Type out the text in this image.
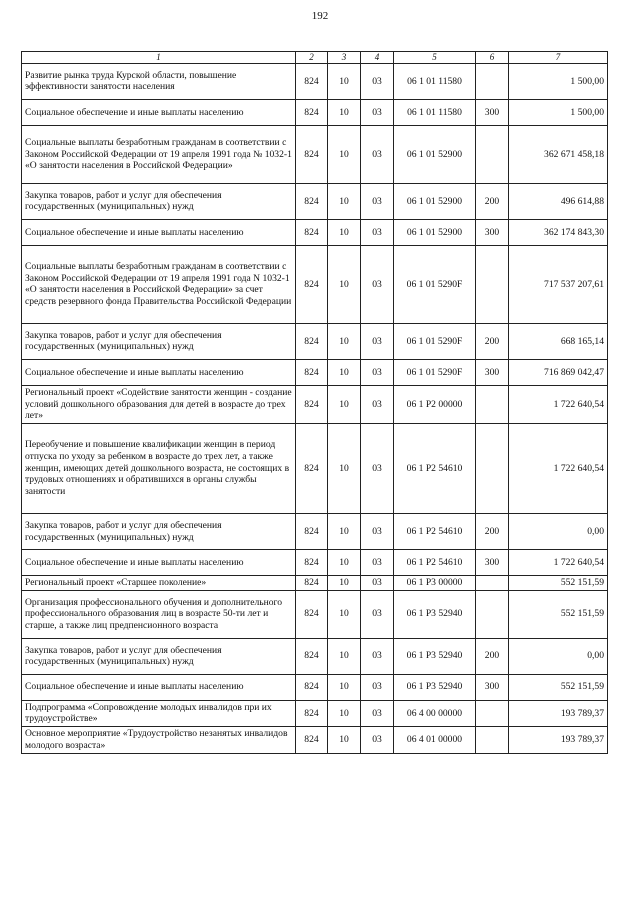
192
1	2	3	4	5	6	7
Развитие рынка труда Курской области, повышение эффективности занятости населения	824	10	03	06 1 01 11580		1 500,00
Социальное обеспечение и иные выплаты населению	824	10	03	06 1 01 11580	300	1 500,00
Социальные выплаты безработным гражданам в соответствии с Законом Российской Федерации от 19 апреля 1991 года № 1032-1 «О занятости населения в Российской Федерации»	824	10	03	06 1 01 52900		362 671 458,18
Закупка товаров, работ и услуг для обеспечения государственных (муниципальных) нужд	824	10	03	06 1 01 52900	200	496 614,88
Социальное обеспечение и иные выплаты населению	824	10	03	06 1 01 52900	300	362 174 843,30
Социальные выплаты безработным гражданам в соответствии с Законом Российской Федерации от 19 апреля 1991 года N 1032-1 «О занятости населения в Российской Федерации» за счет средств резервного фонда Правительства Российской Федерации	824	10	03	06 1 01 5290F		717 537 207,61
Закупка товаров, работ и услуг для обеспечения государственных (муниципальных) нужд	824	10	03	06 1 01 5290F	200	668 165,14
Социальное обеспечение и иные выплаты населению	824	10	03	06 1 01 5290F	300	716 869 042,47
Региональный проект «Содействие занятости женщин - создание условий дошкольного образования для детей в возрасте до трех лет»	824	10	03	06 1 P2 00000		1 722 640,54
Переобучение и повышение квалификации женщин в период отпуска по уходу за ребенком в возрасте до трех лет, а также женщин, имеющих детей дошкольного возраста, не состоящих в трудовых отношениях и обратившихся в органы службы занятости	824	10	03	06 1 P2 54610		1 722 640,54
Закупка товаров, работ и услуг для обеспечения государственных (муниципальных) нужд	824	10	03	06 1 P2 54610	200	0,00
Социальное обеспечение и иные выплаты населению	824	10	03	06 1 P2 54610	300	1 722 640,54
Региональный проект «Старшее поколение»	824	10	03	06 1 P3 00000		552 151,59
Организация профессионального обучения и дополнительного профессионального образования лиц в возрасте 50-ти лет и старше, а также лиц предпенсионного возраста	824	10	03	06 1 P3 52940		552 151,59
Закупка товаров, работ и услуг для обеспечения государственных (муниципальных) нужд	824	10	03	06 1 P3 52940	200	0,00
Социальное обеспечение и иные выплаты населению	824	10	03	06 1 P3 52940	300	552 151,59
Подпрограмма «Сопровождение молодых инвалидов при их трудоустройстве»	824	10	03	06 4 00 00000		193 789,37
Основное мероприятие «Трудоустройство незанятых инвалидов молодого возраста»	824	10	03	06 4 01 00000		193 789,37
